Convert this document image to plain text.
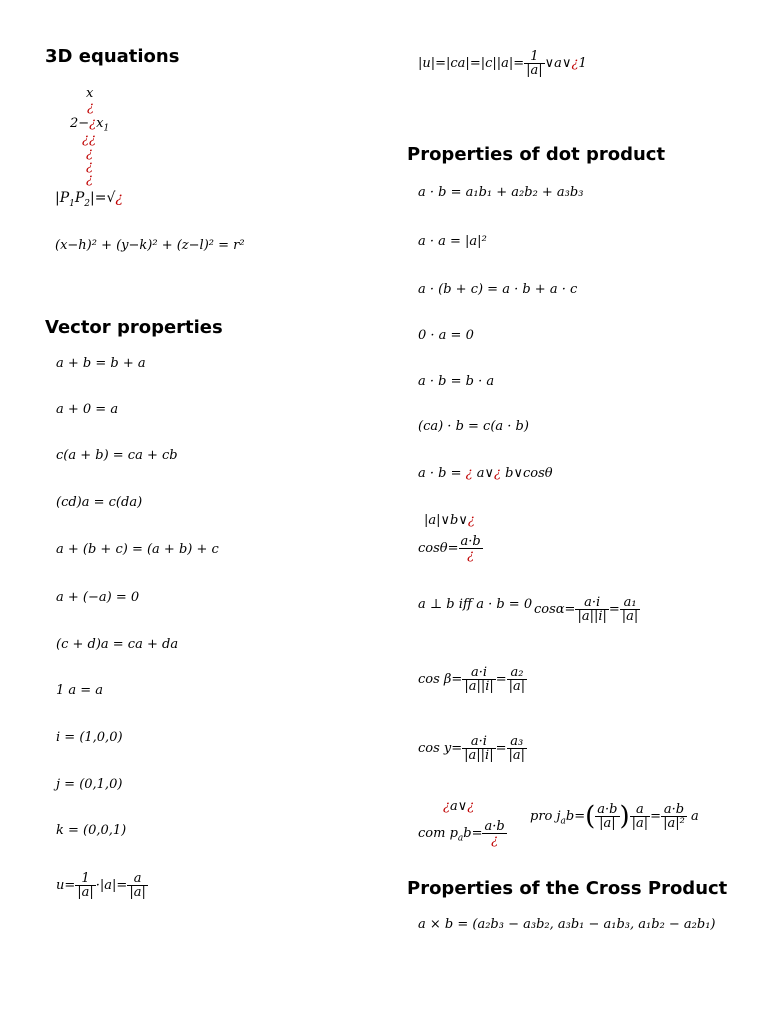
3D equations
x
¿
$2-¿x_1$
¿¿
¿
¿
¿
$|P_1P_2|=√¿$
(x−h)² + (y−k)² + (z−l)² = r²
Vector properties
a + b = b + a
a + 0 = a
c(a + b) = ca + cb
(cd)a = c(da)
a + (b + c) = (a + b) + c
a + (−a) = 0
(c + d)a = ca + da
1 a = a
i = (1,0,0)
j = (0,1,0)
k = (0,0,1)
$u= \frac{1}{|a|} \cdot|a|= \frac{a}{|a|}$
$|u|=|ca|=|c||a|= \frac{1}{|a|}$ ∨a∨¿1
Properties of dot product
a · b = a₁b₁ + a₂b₂ + a₃b₃
a · a = |a|²
a · (b + c) = a · b + a · c
0 · a = 0
a · b = b · a
(ca) · b = c(a · b)
a · b = ¿ a∨¿ b∨cosθ
|a|∨b∨¿
$\cos\theta= \frac{a\cdot b}{¿}$
a ⊥ b iff a · b = 0 $\cos\alpha= \frac{a\cdot i}{|a||i|} = \frac{\text{a₁}}{|a|}$
$\cos \beta= \frac{a\cdot i}{|a||i|} = \frac{\text{a₂}}{|a|}$
$\cos y= \frac{a\cdot i}{|a||i|} = \frac{\text{a₃}}{|a|}$
¿a∨¿
com $p_ab= \frac{a\cdot b}{¿}$
pro $j_ab=( \frac{a\cdot b}{|a|}$ ) $\frac{a}{|a|} = \frac{a\cdot b}{\text{|a|²}}$ a
Properties of the Cross Product
a × b = (a₂b₃ − a₃b₂, a₃b₁ − a₁b₃, a₁b₂ − a₂b₁)
